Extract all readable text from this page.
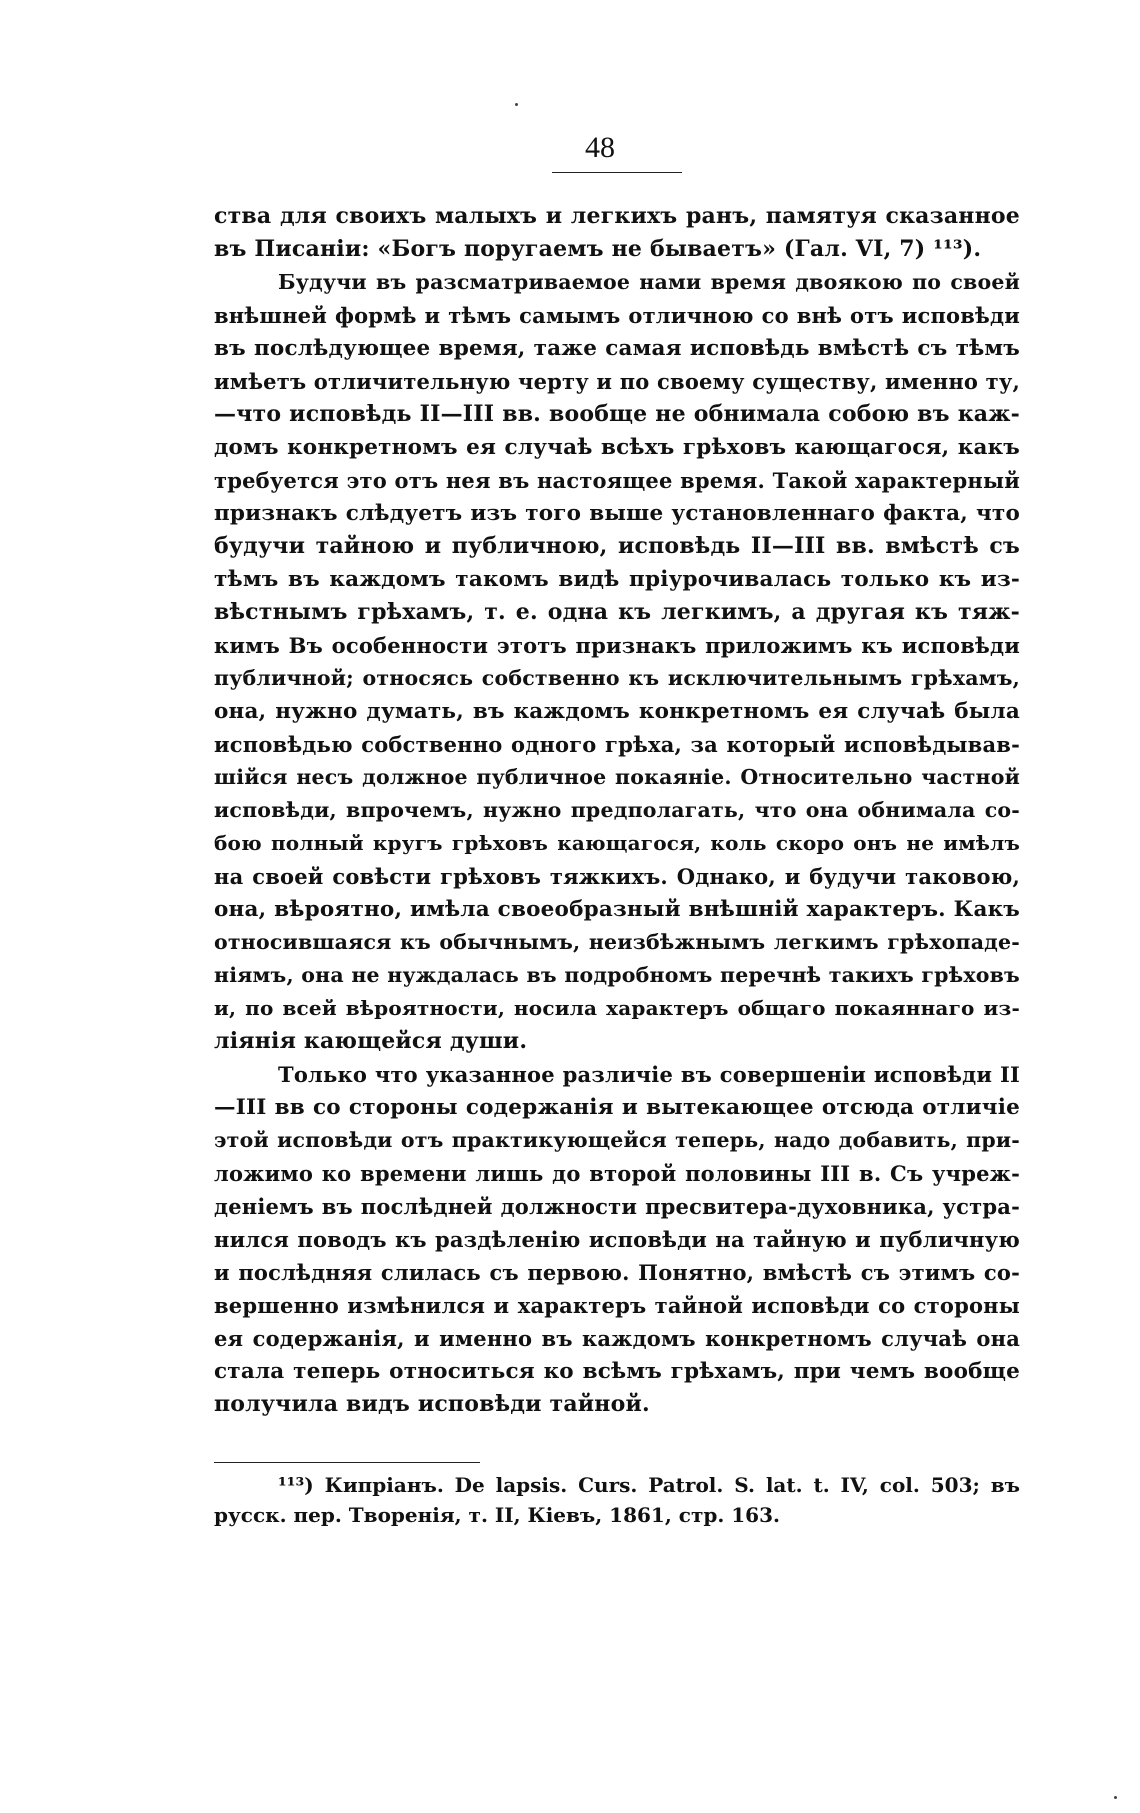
48
ства для своихъ малыхъ и легкихъ ранъ, памятуя сказанное
въ Писаніи: «Богъ поругаемъ не бываетъ» (Гал. VI, 7) ¹¹³).
Будучи въ разсматриваемое нами время двоякою по своей
внѣшней формѣ и тѣмъ самымъ отличною со внѣ отъ исповѣди
въ послѣдующее время, таже самая исповѣдь вмѣстѣ съ тѣмъ
имѣетъ отличительную черту и по своему существу, именно ту,
—что исповѣдь II—III вв. вообще не обнимала собою въ каж-
домъ конкретномъ ея случаѣ всѣхъ грѣховъ кающагося, какъ
требуется это отъ нея въ настоящее время. Такой характерный
признакъ слѣдуетъ изъ того выше установленнаго факта, что
будучи тайною и публичною, исповѣдь II—III вв. вмѣстѣ съ
тѣмъ въ каждомъ такомъ видѣ пріурочивалась только къ из-
вѣстнымъ грѣхамъ, т. е. одна къ легкимъ, а другая къ тяж-
кимъ Въ особенности этотъ признакъ приложимъ къ исповѣди
публичной; относясь собственно къ исключительнымъ грѣхамъ,
она, нужно думать, въ каждомъ конкретномъ ея случаѣ была
исповѣдью собственно одного грѣха, за который исповѣдывав-
шійся несъ должное публичное покаяніе. Относительно частной
исповѣди, впрочемъ, нужно предполагать, что она обнимала со-
бою полный кругъ грѣховъ кающагося, коль скоро онъ не имѣлъ
на своей совѣсти грѣховъ тяжкихъ. Однако, и будучи таковою,
она, вѣроятно, имѣла своеобразный внѣшній характеръ. Какъ
относившаяся къ обычнымъ, неизбѣжнымъ легкимъ грѣхопаде-
ніямъ, она не нуждалась въ подробномъ перечнѣ такихъ грѣховъ
и, по всей вѣроятности, носила характеръ общаго покаяннаго из-
ліянія кающейся души.
Только что указанное различіе въ совершеніи исповѣди II
—III вв со стороны содержанія и вытекающее отсюда отличіе
этой исповѣди отъ практикующейся теперь, надо добавить, при-
ложимо ко времени лишь до второй половины III в. Съ учреж-
деніемъ въ послѣдней должности пресвитера-духовника, устра-
нился поводъ къ раздѣленію исповѣди на тайную и публичную
и послѣдняя слилась съ первою. Понятно, вмѣстѣ съ этимъ со-
вершенно измѣнился и характеръ тайной исповѣди со стороны
ея содержанія, и именно въ каждомъ конкретномъ случаѣ она
стала теперь относиться ко всѣмъ грѣхамъ, при чемъ вообще
получила видъ исповѣди тайной.
¹¹³) Кипріанъ. De lapsis. Curs. Patrol. S. lat. t. IV, col. 503; въ
русск. пер. Творенія, т. II, Кіевъ, 1861, стр. 163.
